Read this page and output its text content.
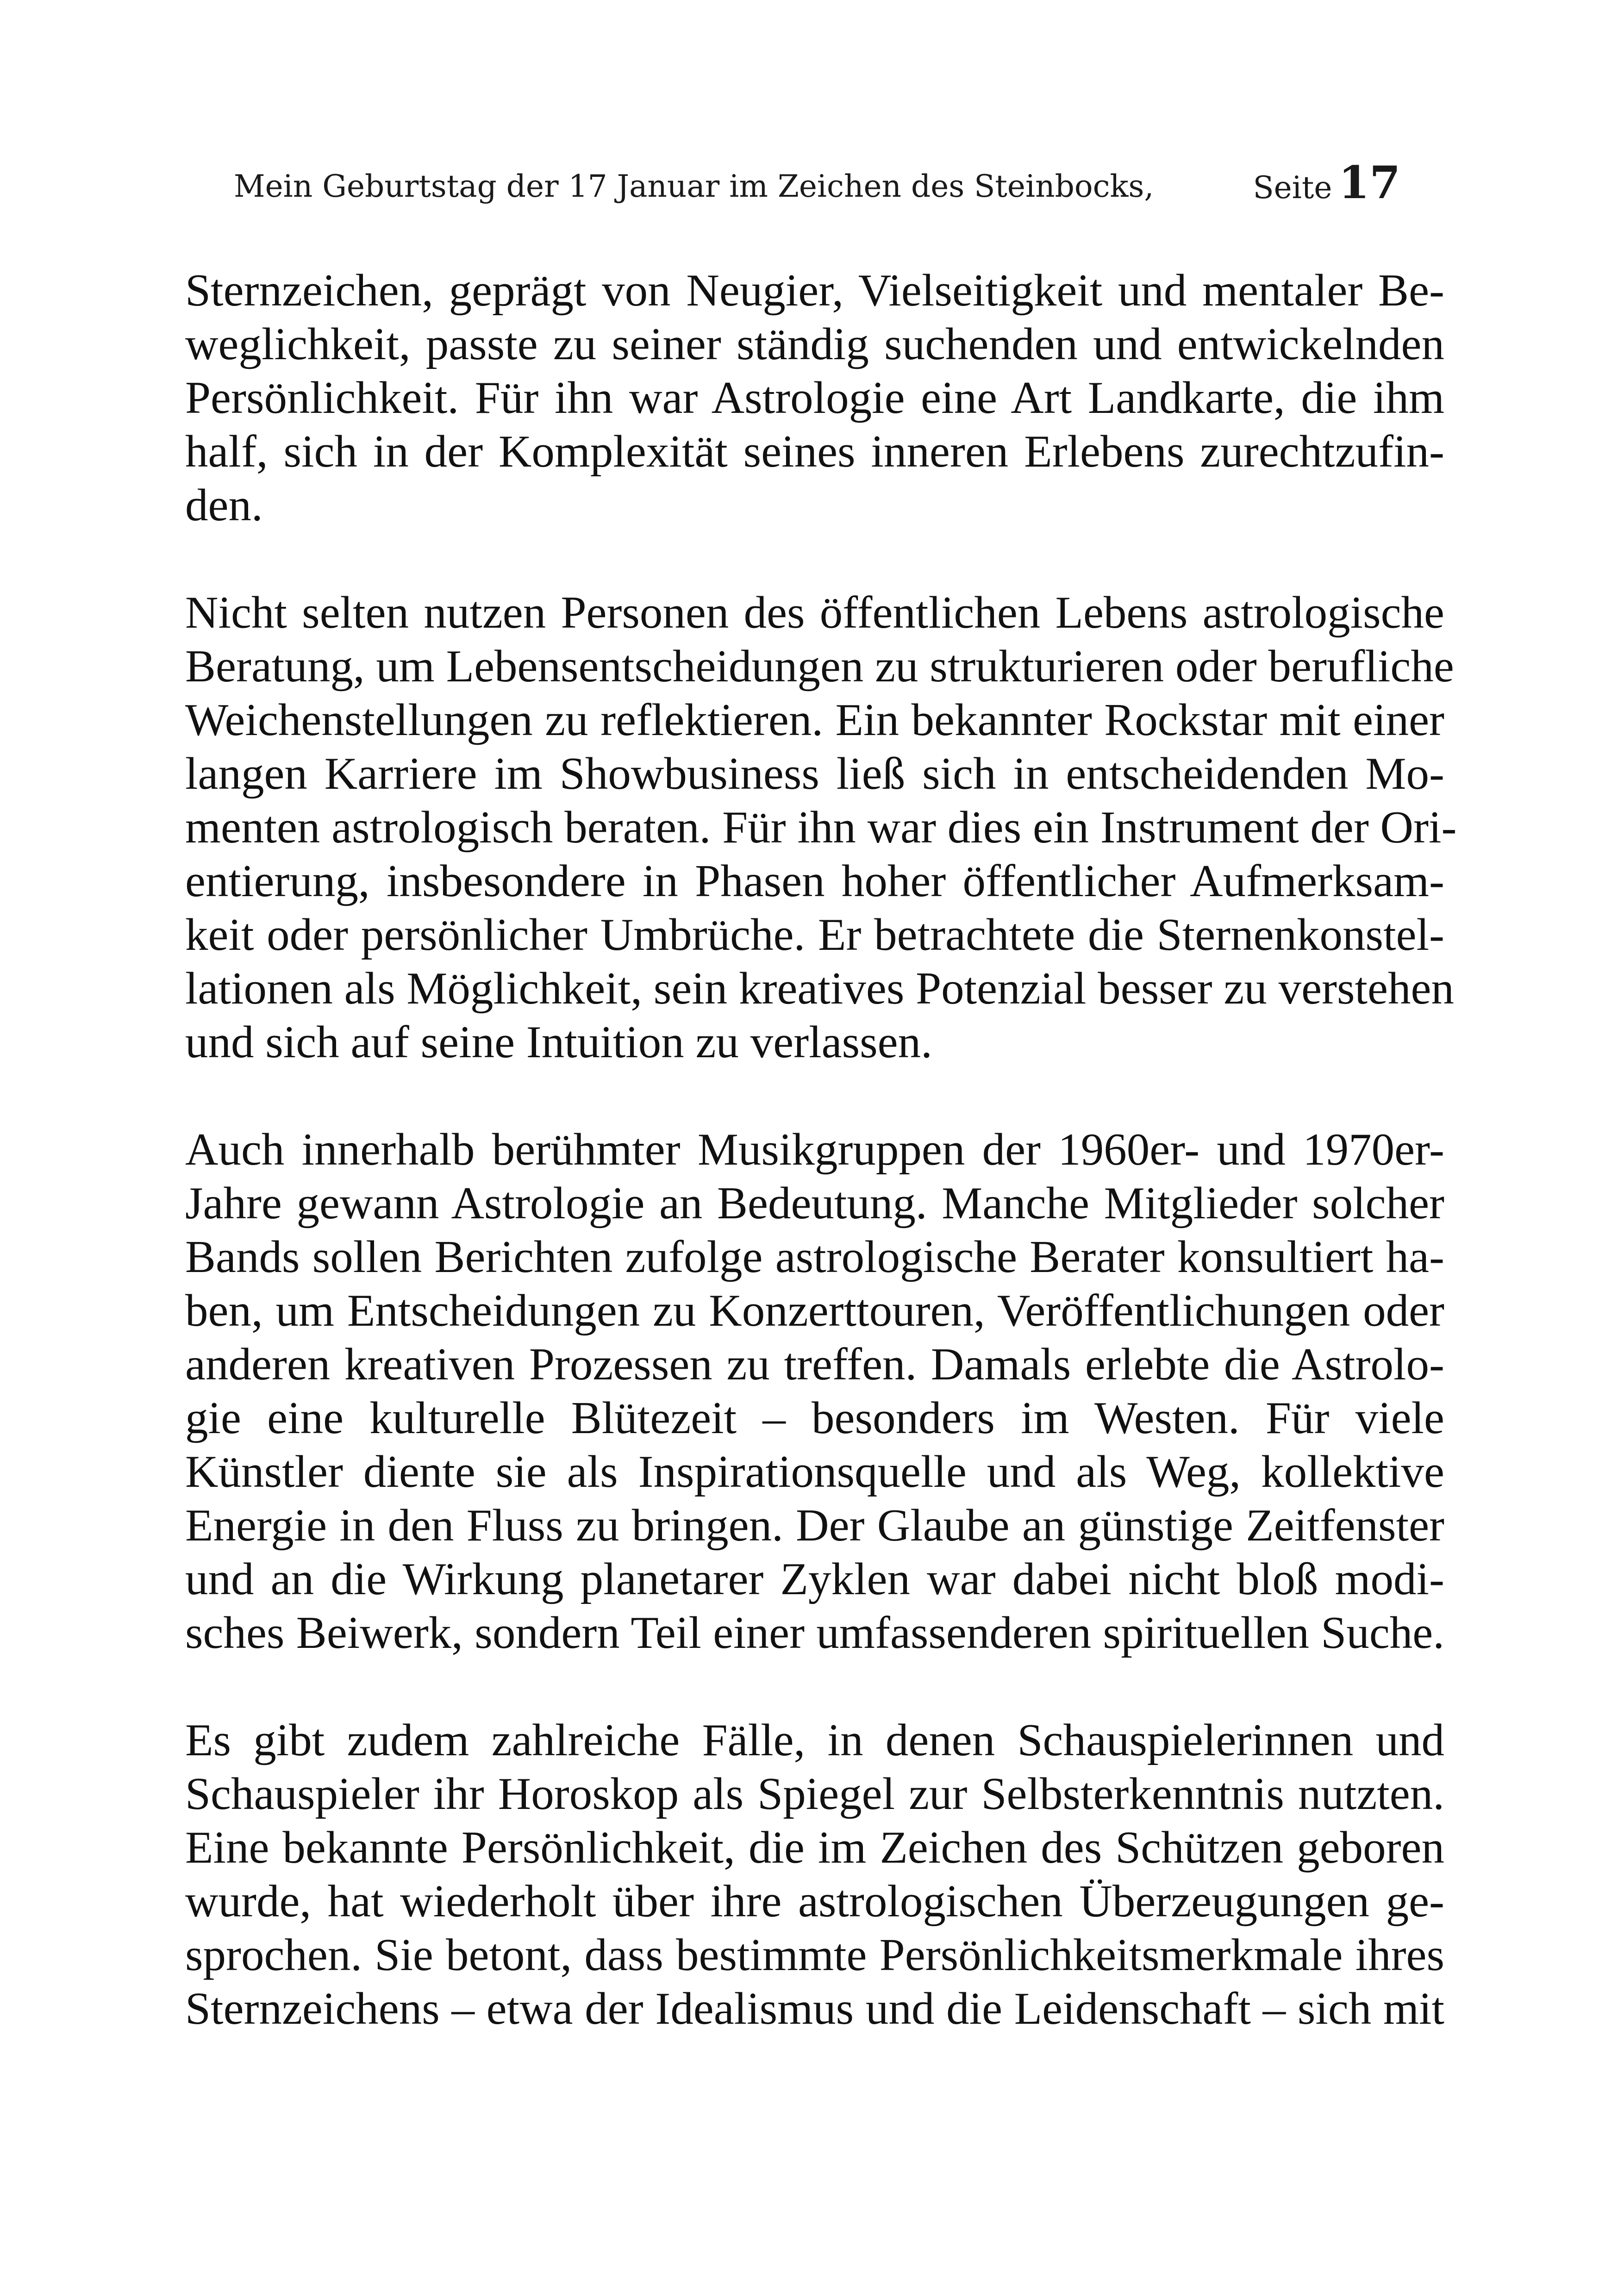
Mein Geburtstag der 17 Januar im Zeichen des Steinbocks,	Seite 17

Sternzeichen, geprägt von Neugier, Vielseitigkeit und mentaler Be-
weglichkeit, passte zu seiner ständig suchenden und entwickelnden
Persönlichkeit. Für ihn war Astrologie eine Art Landkarte, die ihm
half, sich in der Komplexität seines inneren Erlebens zurechtzufin-
den.

Nicht selten nutzen Personen des öffentlichen Lebens astrologische
Beratung, um Lebensentscheidungen zu strukturieren oder berufliche
Weichenstellungen zu reflektieren. Ein bekannter Rockstar mit einer
langen Karriere im Showbusiness ließ sich in entscheidenden Mo-
menten astrologisch beraten. Für ihn war dies ein Instrument der Ori-
entierung, insbesondere in Phasen hoher öffentlicher Aufmerksam-
keit oder persönlicher Umbrüche. Er betrachtete die Sternenkonstel-
lationen als Möglichkeit, sein kreatives Potenzial besser zu verstehen
und sich auf seine Intuition zu verlassen.

Auch innerhalb berühmter Musikgruppen der 1960er- und 1970er-
Jahre gewann Astrologie an Bedeutung. Manche Mitglieder solcher
Bands sollen Berichten zufolge astrologische Berater konsultiert ha-
ben, um Entscheidungen zu Konzerttouren, Veröffentlichungen oder
anderen kreativen Prozessen zu treffen. Damals erlebte die Astrolo-
gie eine kulturelle Blütezeit – besonders im Westen. Für viele
Künstler diente sie als Inspirationsquelle und als Weg, kollektive
Energie in den Fluss zu bringen. Der Glaube an günstige Zeitfenster
und an die Wirkung planetarer Zyklen war dabei nicht bloß modi-
sches Beiwerk, sondern Teil einer umfassenderen spirituellen Suche.

Es gibt zudem zahlreiche Fälle, in denen Schauspielerinnen und
Schauspieler ihr Horoskop als Spiegel zur Selbsterkenntnis nutzten.
Eine bekannte Persönlichkeit, die im Zeichen des Schützen geboren
wurde, hat wiederholt über ihre astrologischen Überzeugungen ge-
sprochen. Sie betont, dass bestimmte Persönlichkeitsmerkmale ihres
Sternzeichens – etwa der Idealismus und die Leidenschaft – sich mit
